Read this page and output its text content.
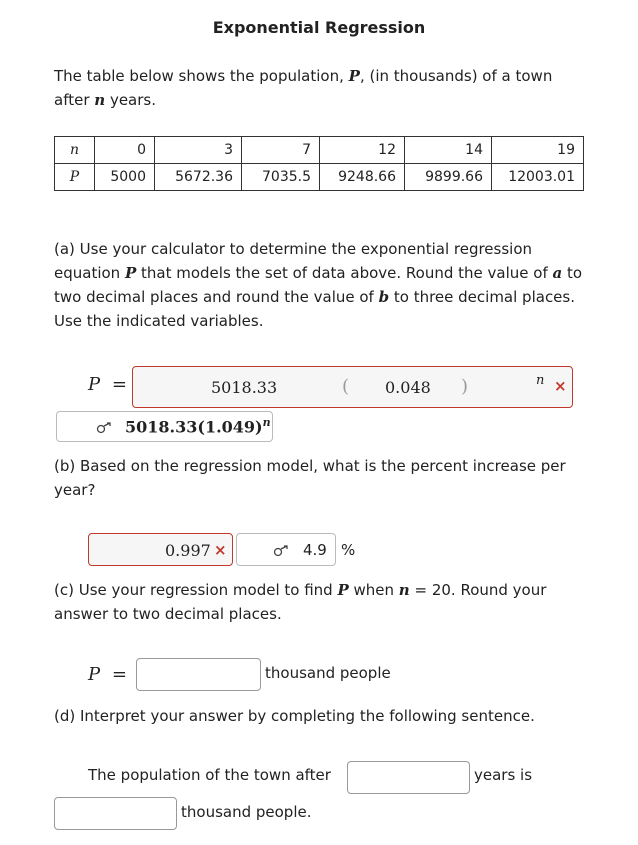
Exponential Regression
The table below shows the population, P, (in thousands) of a town
after n years.
n	0	3	7	12	14	19
P	5000	5672.36	7035.5	9248.66	9899.66	12003.01
(a) Use your calculator to determine the exponential regression
equation P that models the set of data above. Round the value of a to
two decimal places and round the value of b to three decimal places.
Use the indicated variables.
P =	5018.33	( 0.048 )	n ×
$5018.33(1.049)^n$
(b) Based on the regression model, what is the percent increase per
year?
0.997 ×	4.9 %
(c) Use your regression model to find P when n = 20. Round your
answer to two decimal places.
P =	thousand people
(d) Interpret your answer by completing the following sentence.
The population of the town after	years is
thousand people.
